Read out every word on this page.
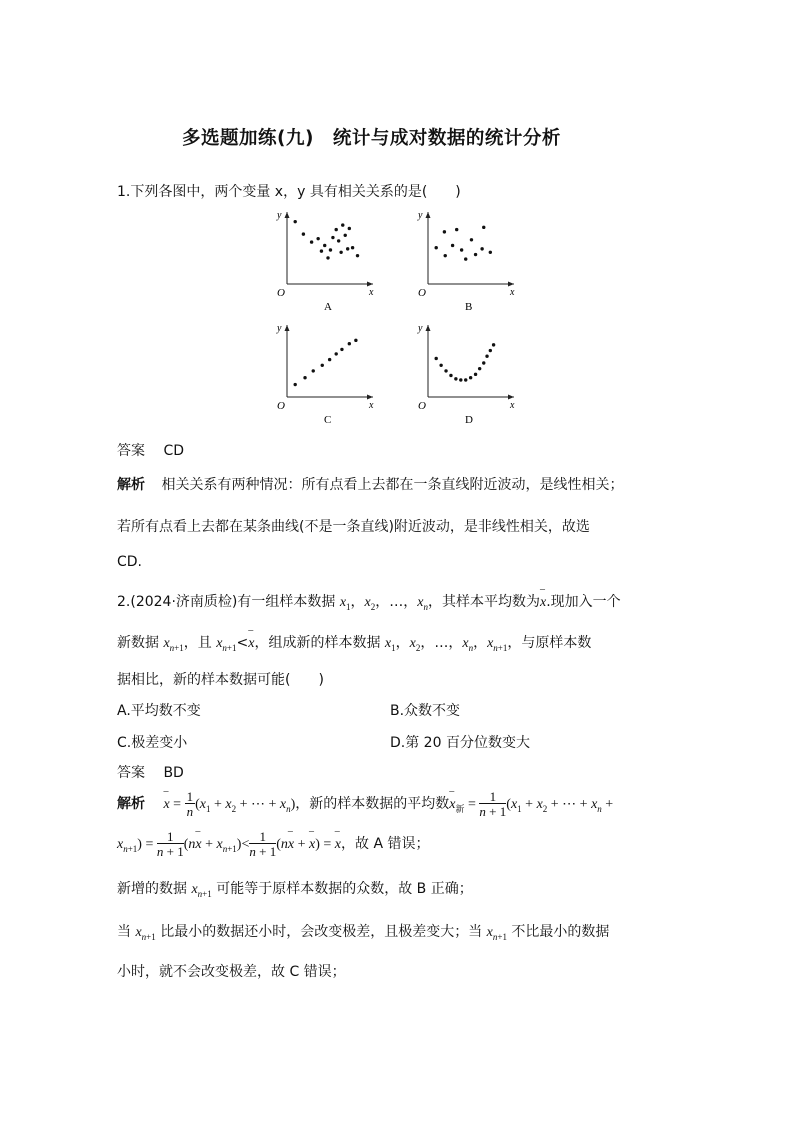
多选题加练(九)　统计与成对数据的统计分析
1.下列各图中，两个变量 x，y 具有相关关系的是(　　)
O	x
y
A
O	x
y
B
O	x
y
C
O	x
y
D
答案 CD
解析 相关关系有两种情况：所有点看上去都在一条直线附近波动，是线性相关；
若所有点看上去都在某条曲线(不是一条直线)附近波动，是非线性相关，故选
CD.
2.(2024·济南质检)有一组样本数据 $x_1$，$x_2$，…，$x_n$，其样本平均数为– x.现加入一个
新数据 $x_{n+1}$，且 $x_{n+1}<-$ x，组成新的样本数据 $x_1$，$x_2$，…，$x_n$，$x_{n+1}$，与原样本数
据相比，新的样本数据可能(　　)
A.平均数不变	B.众数不变
C.极差变小	D.第 20 百分位数变大
答案 BD
解析 – $x = \frac{1}{n} (x_1 + x_2$ + ⋯ + $x_n$)，新的样本数据的平均数– $x_新 = \frac{1}{n + 1} (x_1 + x_2$ + ⋯ + $x_n$ +
$x_{n+1}) = \frac{1}{n + 1} (n-$ $x + x_{n+1})< \frac{1}{n + 1} (n-$ x + – x) = – x，故 A 错误；
新增的数据 $x_{n+1}$ 可能等于原样本数据的众数，故 B 正确；
当 $x_{n+1}$ 比最小的数据还小时，会改变极差，且极差变大；当 $x_{n+1}$ 不比最小的数据
小时，就不会改变极差，故 C 错误；
